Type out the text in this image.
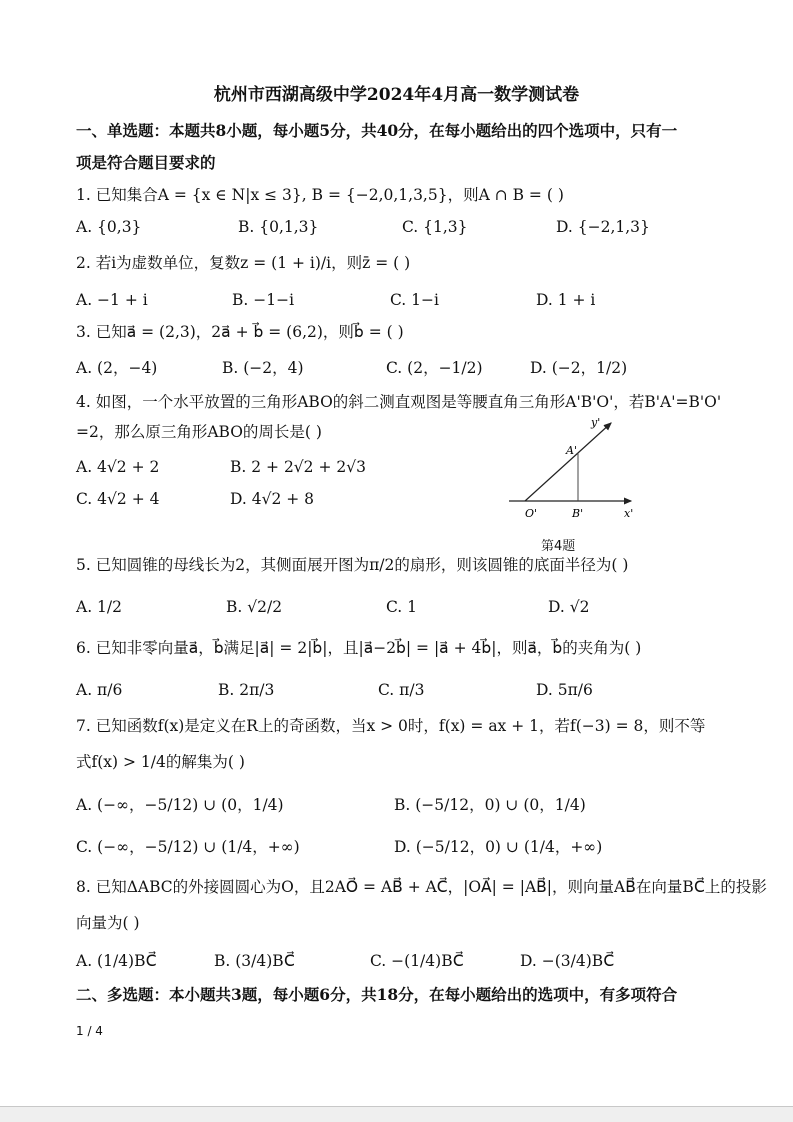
杭州市西湖高级中学2024年4月高一数学测试卷
一、单选题：本题共8小题，每小题5分，共40分，在每小题给出的四个选项中，只有一
项是符合题目要求的
1. 已知集合A = {x ∈ N|x ≤ 3}, B = {−2,0,1,3,5}，则A ∩ B = ( )
A. {0,3}	B. {0,1,3}	C. {1,3}	D. {−2,1,3}
2. 若i为虚数单位，复数z = (1 + i)/i，则z̄ = ( )
A. −1 + i	B. −1−i	C. 1−i	D. 1 + i
3. 已知a⃗ = (2,3)，2a⃗ + b⃗ = (6,2)，则b⃗ = ( )
A. (2，−4)	B. (−2，4)	C. (2，−1/2)	D. (−2，1/2)
4. 如图，一个水平放置的三角形ABO的斜二测直观图是等腰直角三角形A'B'O'，若B'A'=B'O'
=2，那么原三角形ABO的周长是( )
A. 4√2 + 2	B. 2 + 2√2 + 2√3
C. 4√2 + 4	D. 4√2 + 8
y'
A'
O'	B'	x'
第4题
5. 已知圆锥的母线长为2，其侧面展开图为π/2的扇形，则该圆锥的底面半径为( )
A. 1/2	B. √2/2	C. 1	D. √2
6. 已知非零向量a⃗，b⃗满足|a⃗| = 2|b⃗|，且|a⃗−2b⃗| = |a⃗ + 4b⃗|，则a⃗，b⃗的夹角为( )
A. π/6	B. 2π/3	C. π/3	D. 5π/6
7. 已知函数f(x)是定义在R上的奇函数，当x > 0时，f(x) = ax + 1，若f(−3) = 8，则不等
式f(x) > 1/4的解集为( )
A. (−∞，−5/12) ∪ (0，1/4)	B. (−5/12，0) ∪ (0，1/4)
C. (−∞，−5/12) ∪ (1/4，+∞)	D. (−5/12，0) ∪ (1/4，+∞)
8. 已知ΔABC的外接圆圆心为O，且2AO⃗ = AB⃗ + AC⃗，|OA⃗| = |AB⃗|，则向量AB⃗在向量BC⃗上的投影
向量为( )
A. (1/4)BC⃗	B. (3/4)BC⃗	C. −(1/4)BC⃗	D. −(3/4)BC⃗
二、多选题：本小题共3题，每小题6分，共18分，在每小题给出的选项中，有多项符合
1 / 4
